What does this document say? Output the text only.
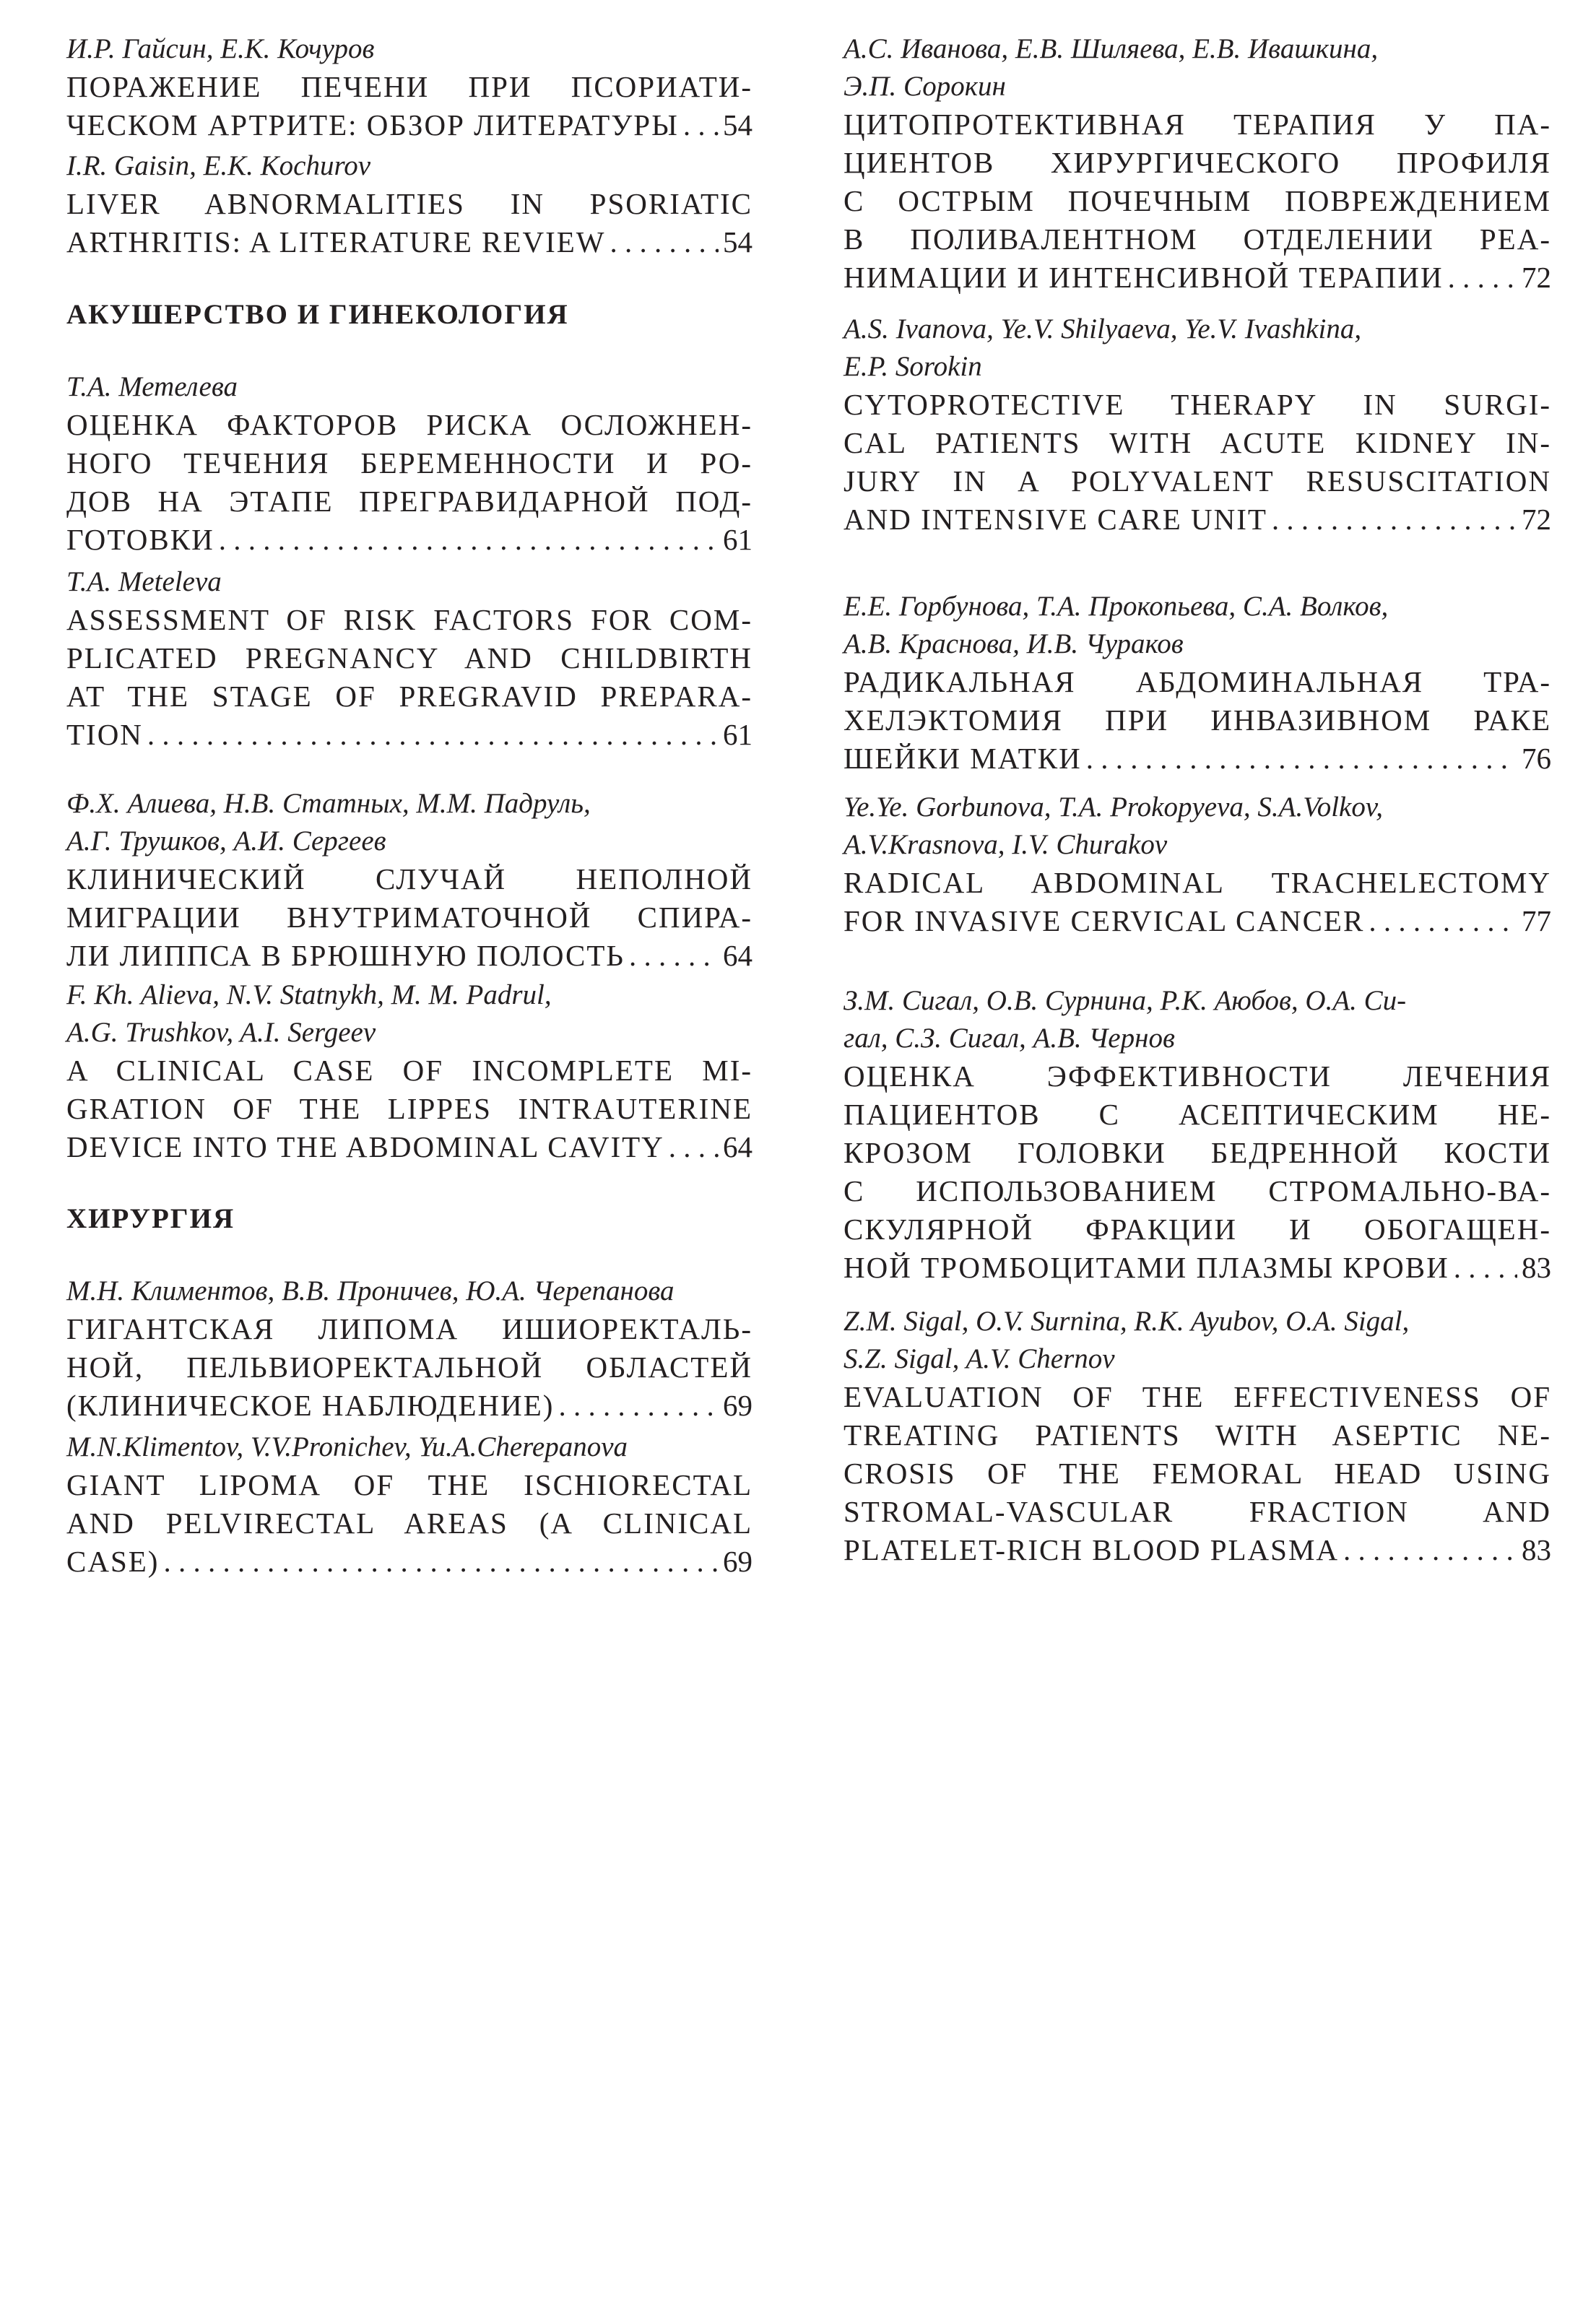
И.Р. Гайсин, Е.К. Кочуров
ПОРАЖЕНИЕ ПЕЧЕНИ ПРИ ПСОРИАТИ-
ЧЕСКОМ АРТРИТЕ: ОБЗОР ЛИТЕРАТУРЫ . . . 54
I.R. Gaisin, E.K. Kochurov
LIVER ABNORMALITIES IN PSORIATIC
ARTHRITIS: A LITERATURE REVIEW . . .	54

АКУШЕРСТВО И ГИНЕКОЛОГИЯ

Т.А. Метелева
ОЦЕНКА ФАКТОРОВ РИСКА ОСЛОЖНЕН-
НОГО ТЕЧЕНИЯ БЕРЕМЕННОСТИ И РО-
ДОВ НА ЭТАПЕ ПРЕГРАВИДАРНОЙ ПОД-
ГОТОВКИ . . .	61
T.A. Meteleva
ASSESSMENT OF RISK FACTORS FOR COM-
PLICATED PREGNANCY AND CHILDBIRTH
AT THE STAGE OF PREGRAVID PREPARA-
TION . . .	61
Ф.Х. Алиева, Н.В. Статных, М.М. Падруль,
А.Г. Трушков, А.И. Сергеев
КЛИНИЧЕСКИЙ СЛУЧАЙ НЕПОЛНОЙ
МИГРАЦИИ ВНУТРИМАТОЧНОЙ СПИРА-
ЛИ ЛИППСА В БРЮШНУЮ ПОЛОСТЬ . . .	64
F. Kh. Alieva, N.V. Statnykh, M. M. Padrul,
A.G. Trushkov, A.I. Sergeev
A CLINICAL CASE OF INCOMPLETE MI-
GRATION OF THE LIPPES INTRAUTERINE
DEVICE INTO THE ABDOMINAL CAVITY . . . 64

ХИРУРГИЯ

М.Н. Климентов, В.В. Проничев, Ю.А. Черепанова
ГИГАНТСКАЯ ЛИПОМА ИШИОРЕКТАЛЬ-
НОЙ, ПЕЛЬВИОРЕКТАЛЬНОЙ ОБЛАСТЕЙ
(КЛИНИЧЕСКОЕ НАБЛЮДЕНИЕ) . . .	69
M.N.Klimentov, V.V.Pronichev, Yu.A.Cherepanova
GIANT LIPOMA OF THE ISCHIORECTAL
AND PELVIRECTAL AREAS (A CLINICAL
CASE) . . .	69
А.С. Иванова, Е.В. Шиляева, Е.В. Ивашкина,
Э.П. Сорокин
ЦИТОПРОТЕКТИВНАЯ ТЕРАПИЯ У ПА-
ЦИЕНТОВ ХИРУРГИЧЕСКОГО ПРОФИЛЯ
С ОСТРЫМ ПОЧЕЧНЫМ ПОВРЕЖДЕНИЕМ
В ПОЛИВАЛЕНТНОМ ОТДЕЛЕНИИ РЕА-
НИМАЦИИ И ИНТЕНСИВНОЙ ТЕРАПИИ . . .	72
A.S. Ivanova, Ye.V. Shilyaeva, Ye.V. Ivashkina,
E.P. Sorokin
CYTOPROTECTIVE THERAPY IN SURGI-
CAL PATIENTS WITH ACUTE KIDNEY IN-
JURY IN A POLYVALENT RESUSCITATION
AND INTENSIVE CARE UNIT . . .	72
Е.Е. Горбунова, Т.А. Прокопьева, С.А. Волков,
А.В. Краснова, И.В. Чураков
РАДИКАЛЬНАЯ АБДОМИНАЛЬНАЯ ТРА-
ХЕЛЭКТОМИЯ ПРИ ИНВАЗИВНОМ РАКЕ
ШЕЙКИ МАТКИ . . .	76
Ye.Ye. Gorbunova, T.A. Prokopyeva, S.A.Volkov,
A.V.Krasnova, I.V. Churakov
RADICAL ABDOMINAL TRACHELECTOMY
FOR INVASIVE CERVICAL CANCER . . .	77
З.М. Сигал, О.В. Сурнина, Р.К. Аюбов, О.А. Си-
гал, С.З. Сигал, А.В. Чернов
ОЦЕНКА ЭФФЕКТИВНОСТИ ЛЕЧЕНИЯ
ПАЦИЕНТОВ С АСЕПТИЧЕСКИМ НЕ-
КРОЗОМ ГОЛОВКИ БЕДРЕННОЙ КОСТИ
С ИСПОЛЬЗОВАНИЕМ СТРОМАЛЬНО-ВА-
СКУЛЯРНОЙ ФРАКЦИИ И ОБОГАЩЕН-
НОЙ ТРОМБОЦИТАМИ ПЛАЗМЫ КРОВИ . . . 83
Z.M. Sigal, O.V. Surnina, R.K. Ayubov, O.A. Sigal,
S.Z. Sigal, A.V. Chernov
EVALUATION OF THE EFFECTIVENESS OF
TREATING PATIENTS WITH ASEPTIC NE-
CROSIS OF THE FEMORAL HEAD USING
STROMAL-VASCULAR FRACTION AND
PLATELET-RICH BLOOD PLASMA . . .	83
